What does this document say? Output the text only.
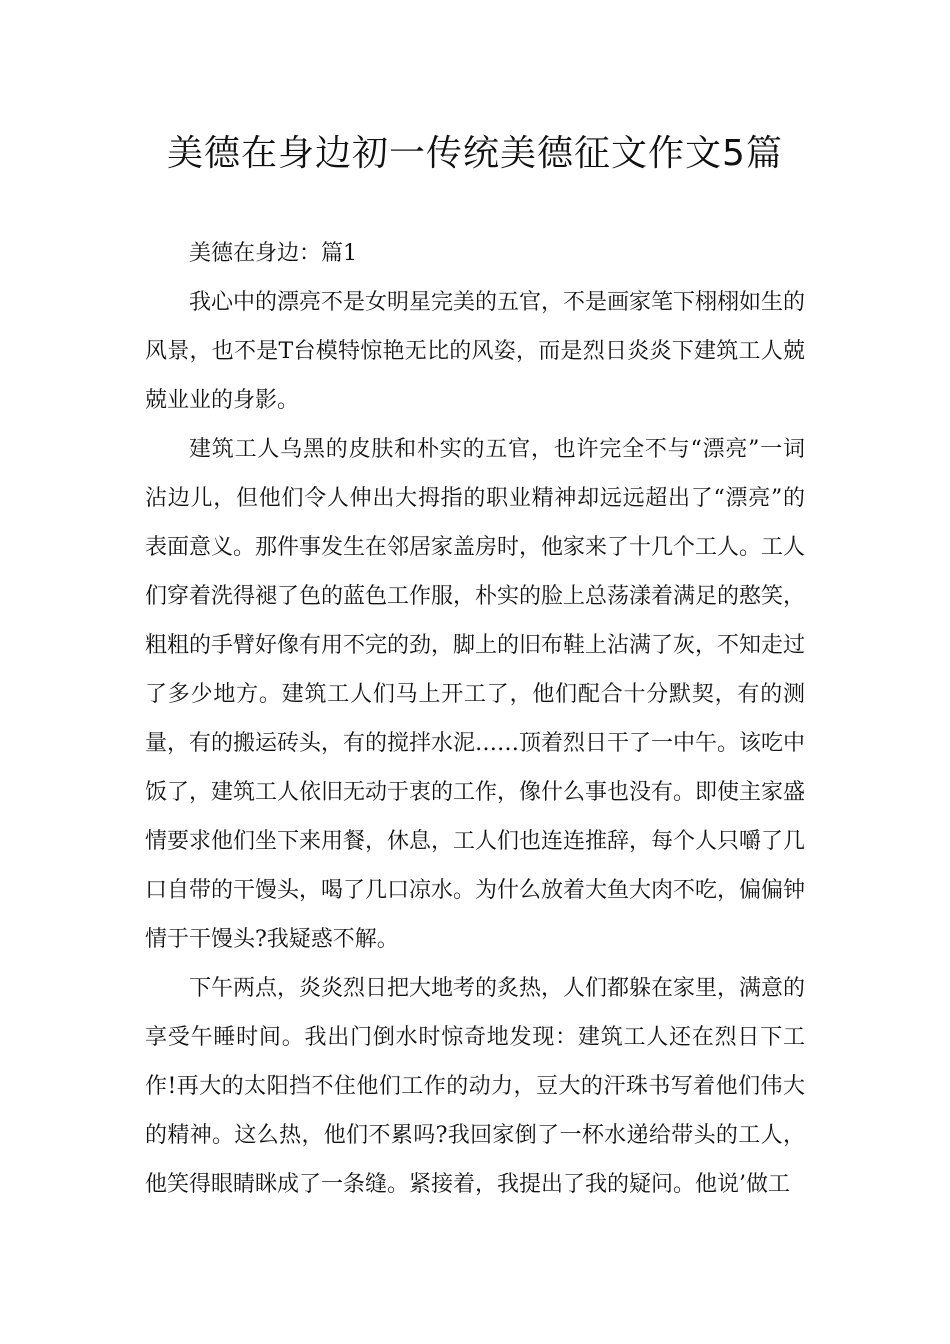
美德在身边初一传统美德征文作文5篇

美德在身边：篇1

我心中的漂亮不是女明星完美的五官，不是画家笔下栩栩如生的风景，也不是T台模特惊艳无比的风姿，而是烈日炎炎下建筑工人兢兢业业的身影。

建筑工人乌黑的皮肤和朴实的五官，也许完全不与“漂亮”一词沾边儿，但他们令人伸出大拇指的职业精神却远远超出了“漂亮”的表面意义。那件事发生在邻居家盖房时，他家来了十几个工人。工人们穿着洗得褪了色的蓝色工作服，朴实的脸上总荡漾着满足的憨笑，粗粗的手臂好像有用不完的劲，脚上的旧布鞋上沾满了灰，不知走过了多少地方。建筑工人们马上开工了，他们配合十分默契，有的测量，有的搬运砖头，有的搅拌水泥……顶着烈日干了一中午。该吃中饭了，建筑工人依旧无动于衷的工作，像什么事也没有。即使主家盛情要求他们坐下来用餐，休息，工人们也连连推辞，每个人只嚼了几口自带的干馒头，喝了几口凉水。为什么放着大鱼大肉不吃，偏偏钟情于干馒头?我疑惑不解。

下午两点，炎炎烈日把大地考的炙热，人们都躲在家里，满意的享受午睡时间。我出门倒水时惊奇地发现：建筑工人还在烈日下工作!再大的太阳挡不住他们工作的动力，豆大的汗珠书写着他们伟大的精神。这么热，他们不累吗?我回家倒了一杯水递给带头的工人，他笑得眼睛眯成了一条缝。紧接着，我提出了我的疑问。他说’做工
